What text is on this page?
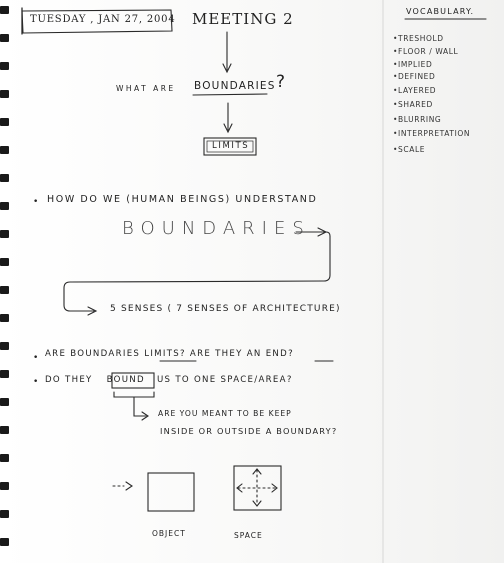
TUESDAY , JAN 27, 2004 MEETING 2	VOCABULARY.
•TRESHOLD
•FLOOR / WALL
•IMPLIED
•DEFINED
•LAYERED
•SHARED
•BLURRING
•INTERPRETATION
•SCALE
WHAT ARE BOUNDARIES ?
LIMITS
• HOW DO WE (HUMAN BEINGS) UNDERSTAND
BOUNDARIES
5 SENSES ( 7 SENSES OF ARCHITECTURE)
• ARE BOUNDARIES LIMITS? ARE THEY AN END?
• DO THEY BOUND US TO ONE SPACE/AREA?
ARE YOU MEANT TO BE KEEP
INSIDE OR OUTSIDE A BOUNDARY?
OBJECT	SPACE
